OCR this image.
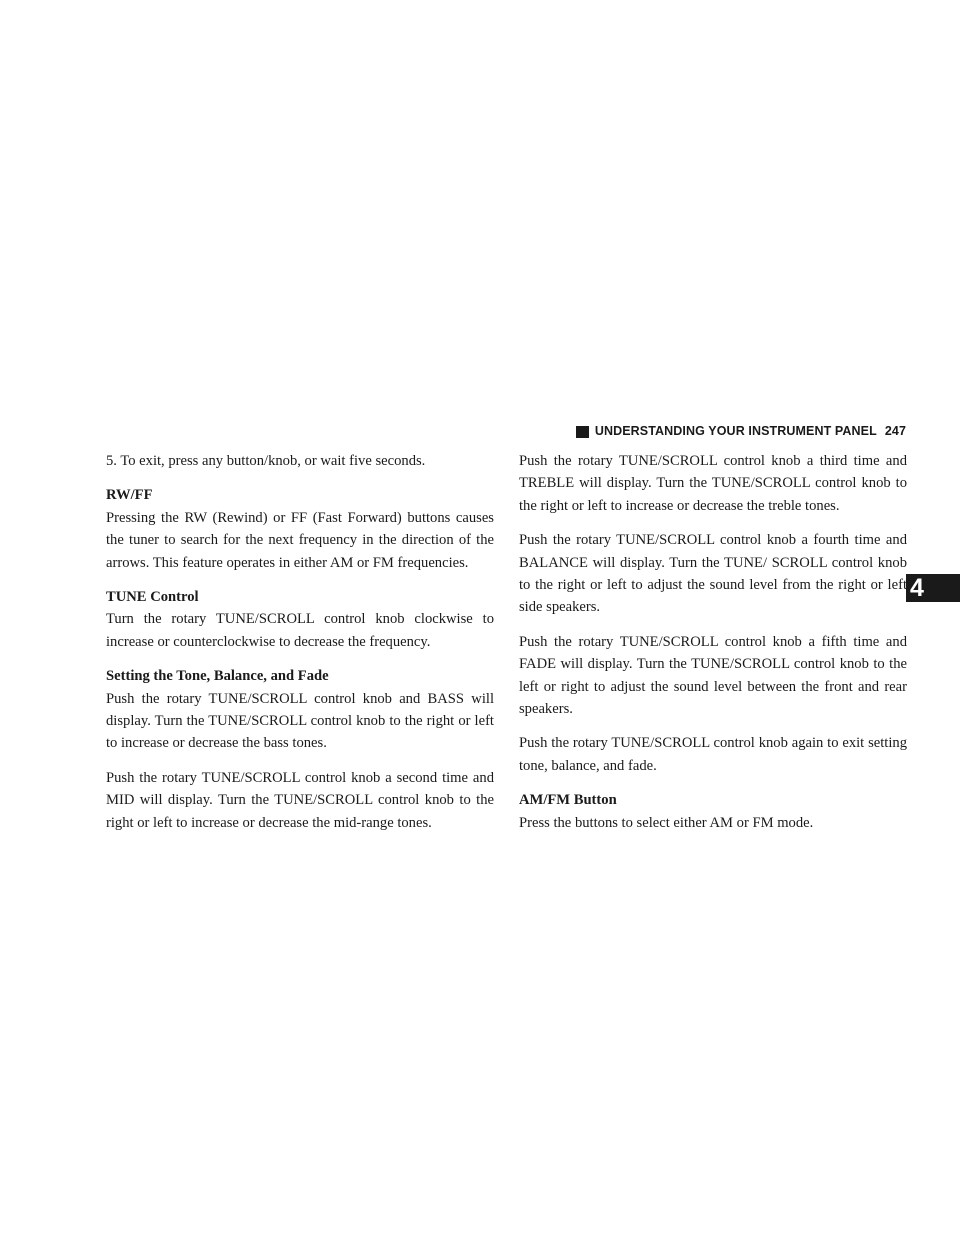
UNDERSTANDING YOUR INSTRUMENT PANEL 247
4

5. To exit, press any button/knob, or wait five seconds.

RW/FF

Pressing the RW (Rewind) or FF (Fast Forward) buttons causes the tuner to search for the next frequency in the direction of the arrows. This feature operates in either AM or FM frequencies.

TUNE Control

Turn the rotary TUNE/SCROLL control knob clockwise to increase or counterclockwise to decrease the frequency.

Setting the Tone, Balance, and Fade

Push the rotary TUNE/SCROLL control knob and BASS will display. Turn the TUNE/SCROLL control knob to the right or left to increase or decrease the bass tones.

Push the rotary TUNE/SCROLL control knob a second time and MID will display. Turn the TUNE/SCROLL control knob to the right or left to increase or decrease the mid-range tones.

Push the rotary TUNE/SCROLL control knob a third time and TREBLE will display. Turn the TUNE/SCROLL control knob to the right or left to increase or decrease the treble tones.

Push the rotary TUNE/SCROLL control knob a fourth time and BALANCE will display. Turn the TUNE/ SCROLL control knob to the right or left to adjust the sound level from the right or left side speakers.

Push the rotary TUNE/SCROLL control knob a fifth time and FADE will display. Turn the TUNE/SCROLL control knob to the left or right to adjust the sound level between the front and rear speakers.

Push the rotary TUNE/SCROLL control knob again to exit setting tone, balance, and fade.

AM/FM Button

Press the buttons to select either AM or FM mode.
